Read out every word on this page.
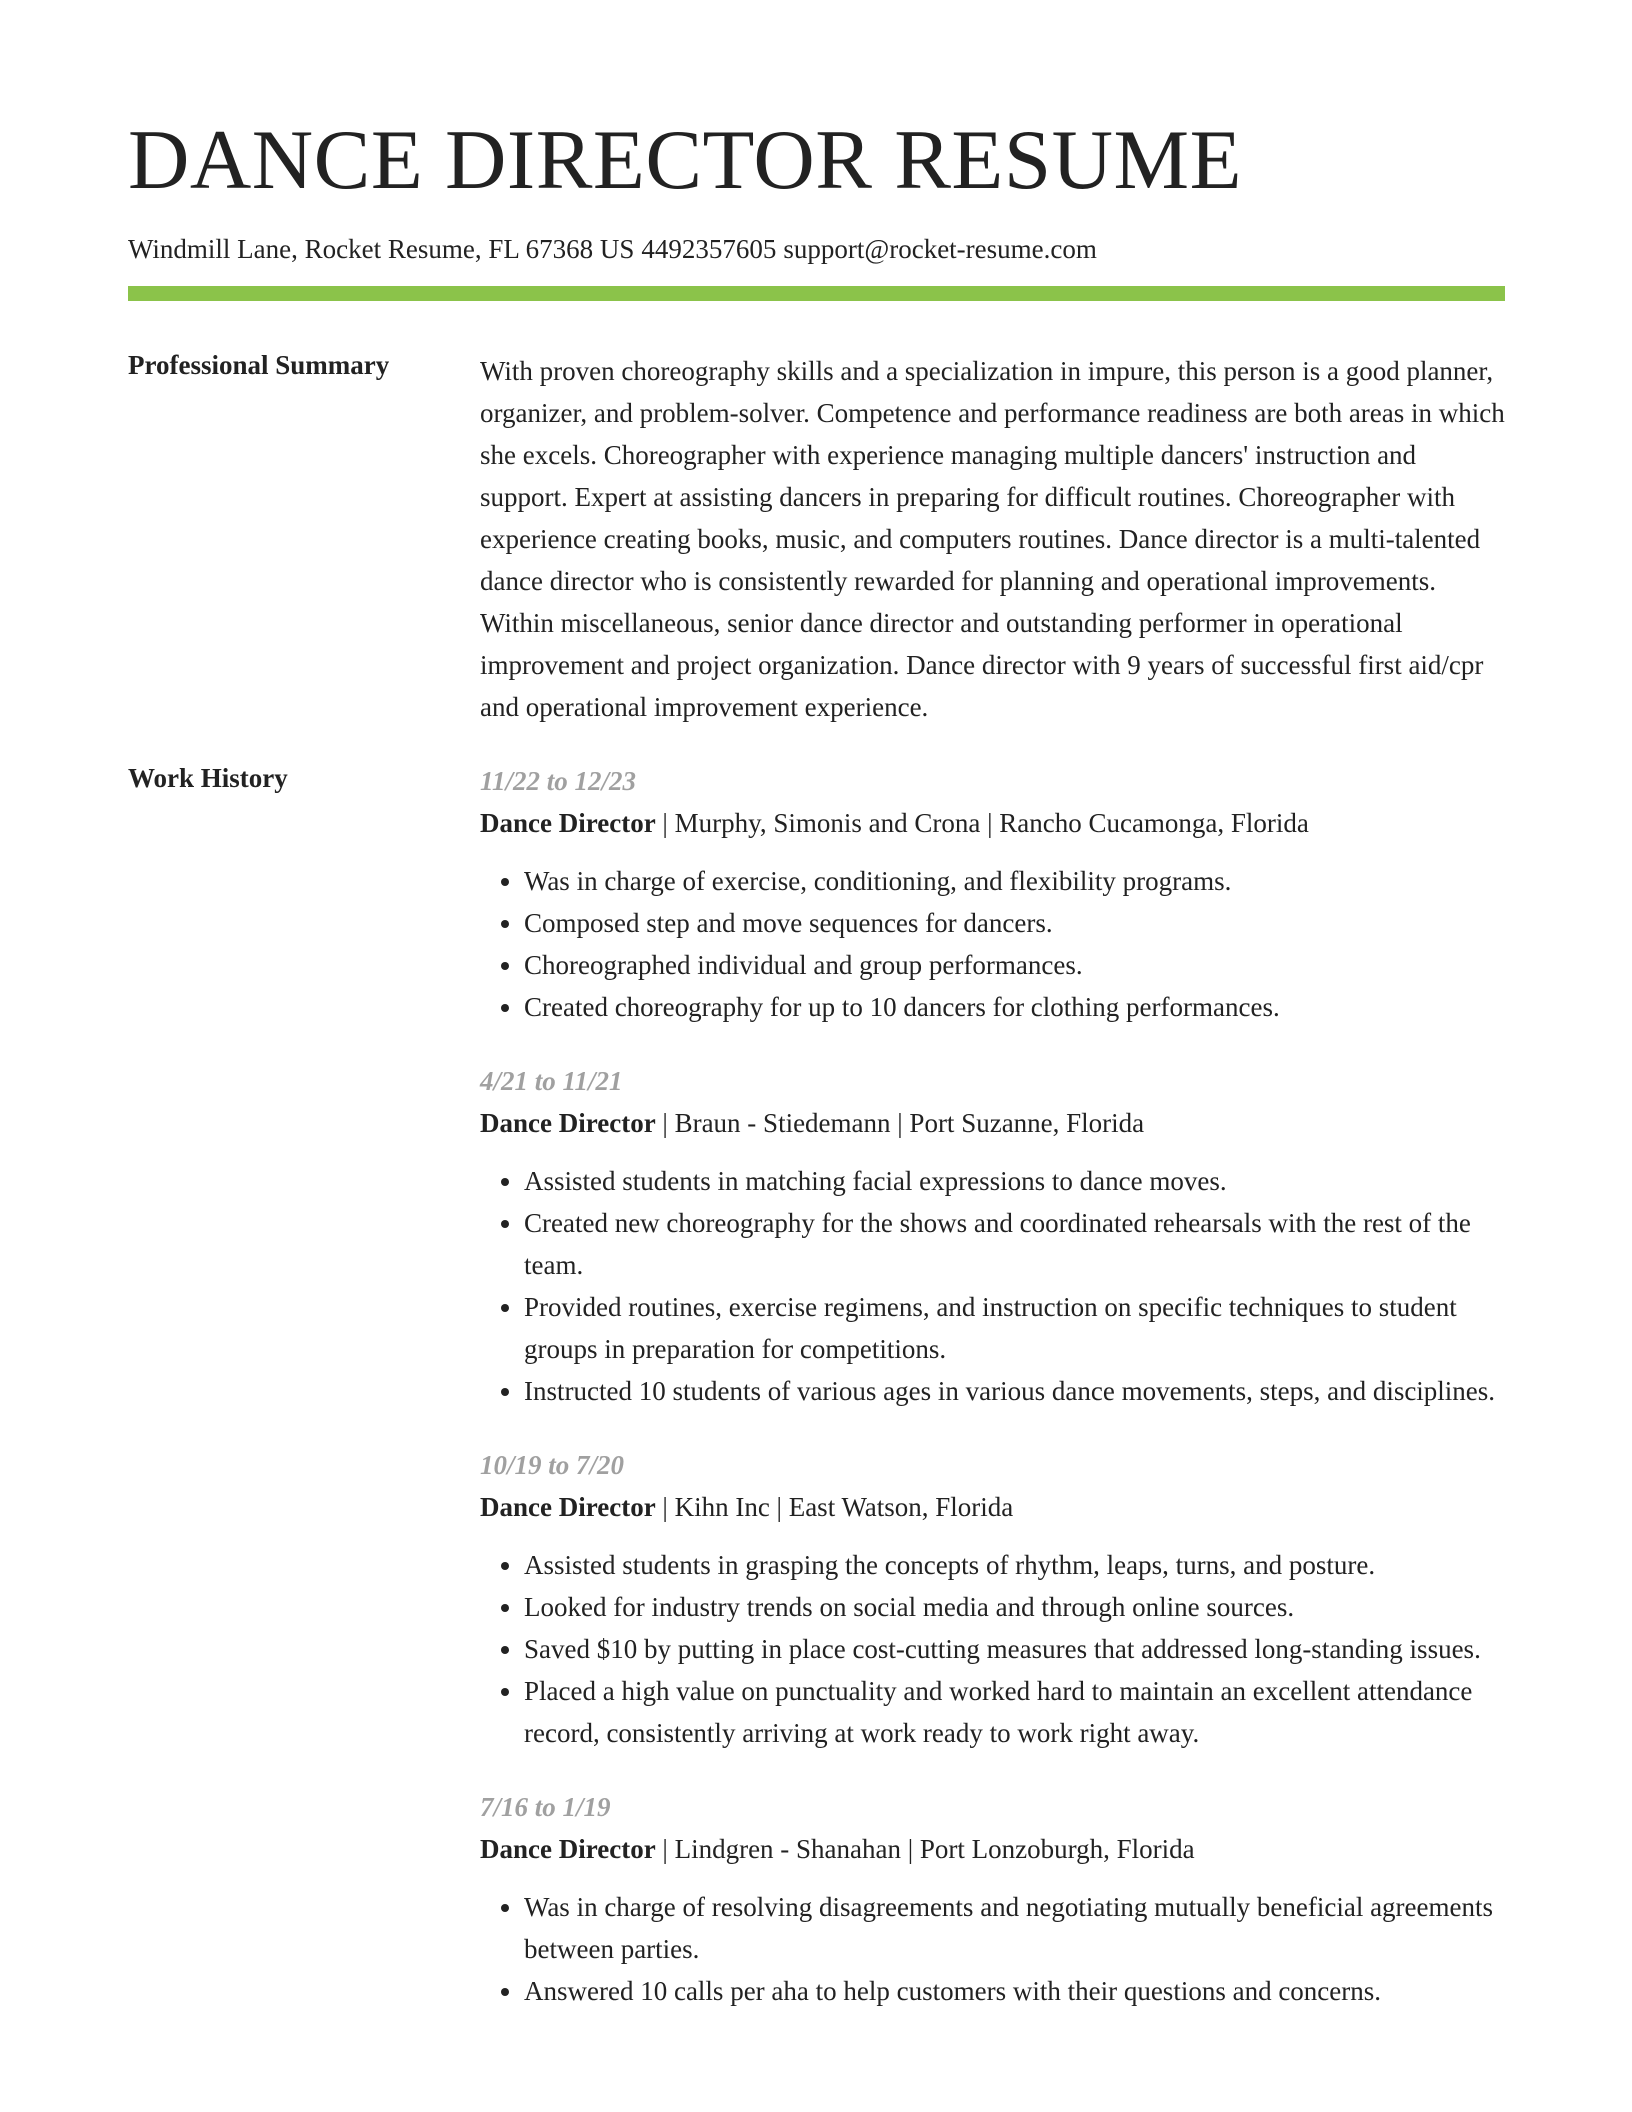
DANCE DIRECTOR RESUME
Windmill Lane, Rocket Resume, FL 67368 US 4492357605 support@rocket-resume.com
Professional Summary	With proven choreography skills and a specialization in impure, this person is a good planner, organizer, and problem-solver. Competence and performance readiness are both areas in which she excels. Choreographer with experience managing multiple dancers' instruction and support. Expert at assisting dancers in preparing for difficult routines. Choreographer with experience creating books, music, and computers routines. Dance director is a multi-talented dance director who is consistently rewarded for planning and operational improvements. Within miscellaneous, senior dance director and outstanding performer in operational improvement and project organization. Dance director with 9 years of successful first aid/cpr and operational improvement experience.

Work History	11/22 to 12/23
Dance Director | Murphy, Simonis and Crona | Rancho Cucamonga, Florida
• Was in charge of exercise, conditioning, and flexibility programs.
• Composed step and move sequences for dancers.
• Choreographed individual and group performances.
• Created choreography for up to 10 dancers for clothing performances.
4/21 to 11/21
Dance Director | Braun - Stiedemann | Port Suzanne, Florida
• Assisted students in matching facial expressions to dance moves.
• Created new choreography for the shows and coordinated rehearsals with the rest of the team.
• Provided routines, exercise regimens, and instruction on specific techniques to student groups in preparation for competitions.
• Instructed 10 students of various ages in various dance movements, steps, and disciplines.
10/19 to 7/20
Dance Director | Kihn Inc | East Watson, Florida
• Assisted students in grasping the concepts of rhythm, leaps, turns, and posture.
• Looked for industry trends on social media and through online sources.
• Saved $10 by putting in place cost-cutting measures that addressed long-standing issues.
• Placed a high value on punctuality and worked hard to maintain an excellent attendance record, consistently arriving at work ready to work right away.
7/16 to 1/19
Dance Director | Lindgren - Shanahan | Port Lonzoburgh, Florida
• Was in charge of resolving disagreements and negotiating mutually beneficial agreements between parties.
• Answered 10 calls per aha to help customers with their questions and concerns.
